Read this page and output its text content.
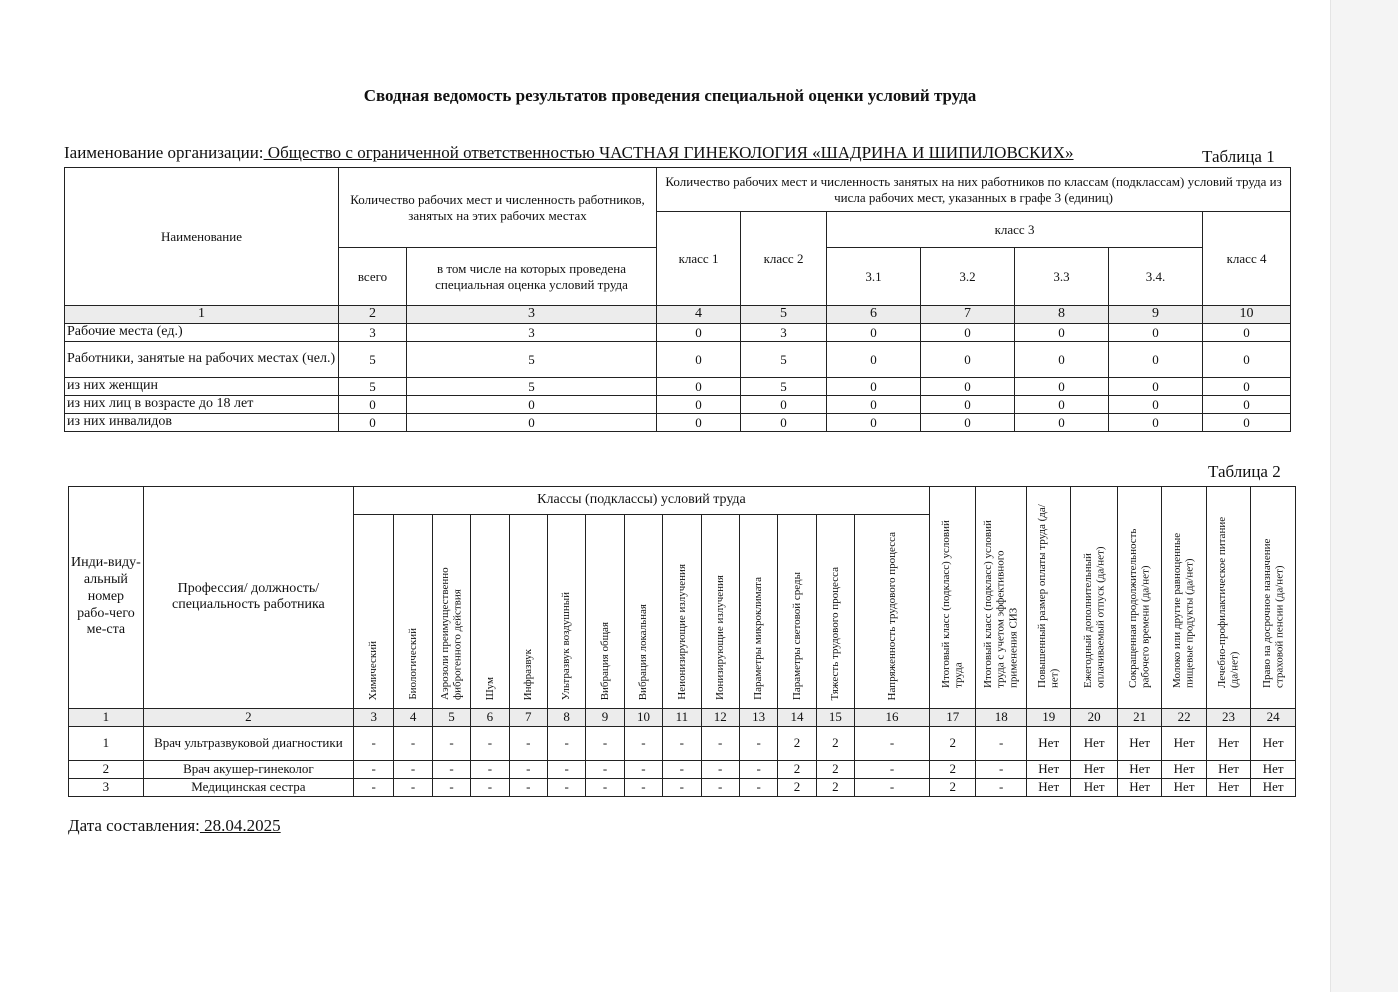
Сводная ведомость результатов проведения специальной оценки условий труда
Iаименование организации: Общество с ограниченной ответственностью ЧАСТНАЯ ГИНЕКОЛОГИЯ «ШАДРИНА И ШИПИЛОВСКИХ»	Таблица 1
Наименование	Количество рабочих мест и численность работников, занятых на этих рабочих местах		Количество рабочих мест и численность занятых на них работников по классам (подклассам) условий труда из числа рабочих мест, указанных в графе 3 (единиц)						
			класс 1	класс 2	класс 3				класс 4
	всего	в том числе на которых проведена специальная оценка условий труда			3.1	3.2	3.3	3.4.	
1	2	3	4	5	6	7	8	9	10
Рабочие места (ед.)	3	3	0	3	0	0	0	0	0
Работники, занятые на рабочих местах (чел.)	5	5	0	5	0	0	0	0	0
из них женщин	5	5	0	5	0	0	0	0	0
из них лиц в возрасте до 18 лет	0	0	0	0	0	0	0	0	0
из них инвалидов	0	0	0	0	0	0	0	0	0
Таблица 2
Инди-виду-альный номер рабо-чего ме-ста	Профессия/ должность/ специальность работника	Классы (подклассы) условий труда														Итоговый класс (подкласс) условий труда	Итоговый класс (подкласс) условий труда с учетом эффективного применения СИЗ	Повышенный размер оплаты труда (да/нет)	Ежегодный дополнительный оплачиваемый отпуск (да/нет)	Сокращенная продолжительность рабочего времени (да/нет)	Молоко или другие равноценные пищевые продукты (да/нет)	Лечебно-профилактическое питание (да/нет)	Право на досрочное назначение страховой пенсии (да/нет)
		Химический	Биологический	Аэрозоли преимущественно фиброгенного действия	Шум	Инфразвук	Ультразвук воздушный	Вибрация общая	Вибрация локальная	Неионизирующие излучения	Ионизирующие излучения	Параметры микроклимата	Параметры световой среды	Тяжесть трудового процесса	Напряженность трудового процесса								
1	2	3	4	5	6	7	8	9	10	11	12	13	14	15	16	17	18	19	20	21	22	23	24
1	Врач ультразвуковой диагностики	-	-	-	-	-	-	-	-	-	-	-	2	2	-	2	-	Нет	Нет	Нет	Нет	Нет	Нет
2	Врач акушер-гинеколог	-	-	-	-	-	-	-	-	-	-	-	2	2	-	2	-	Нет	Нет	Нет	Нет	Нет	Нет
3	Медицинская сестра	-	-	-	-	-	-	-	-	-	-	-	2	2	-	2	-	Нет	Нет	Нет	Нет	Нет	Нет
Дата составления: 28.04.2025
